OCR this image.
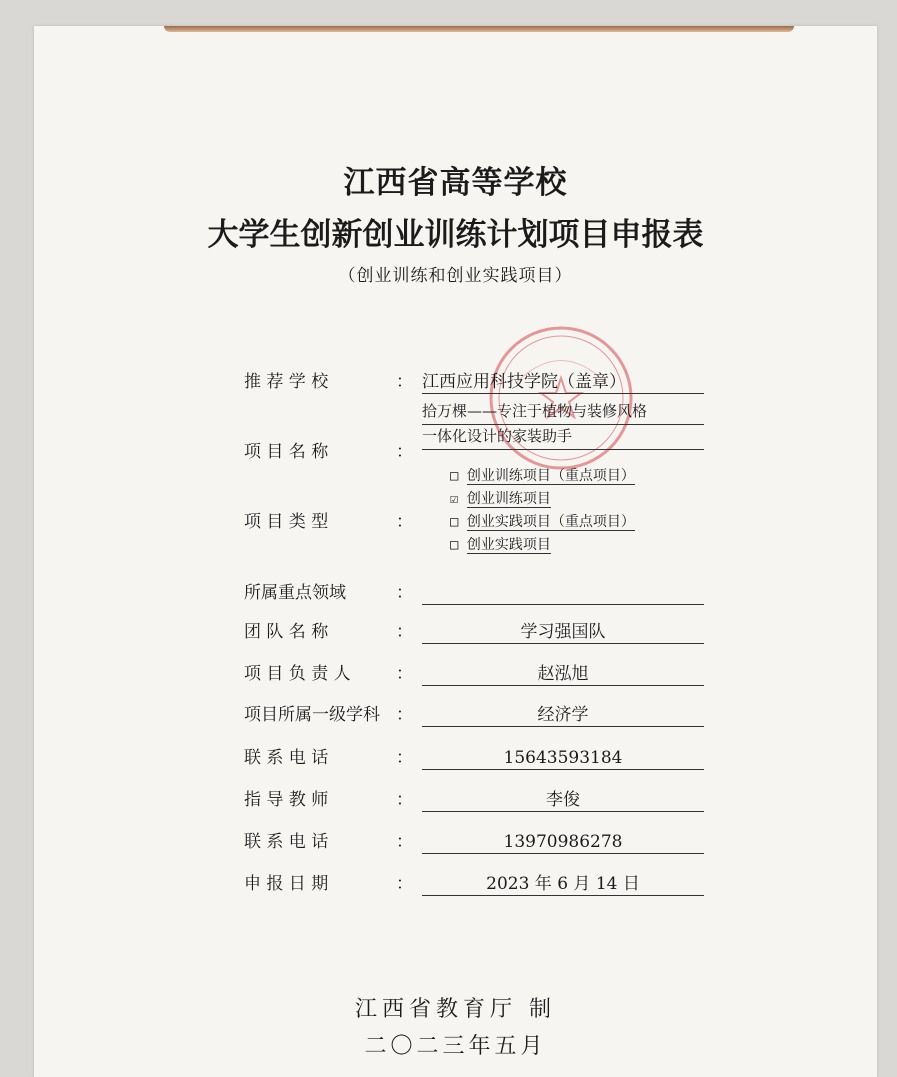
江西省高等学校
大学生创新创业训练计划项目申报表
（创业训练和创业实践项目）
推 荐 学 校	： 江西应用科技学院（盖章）
项 目 名 称	：
拾万棵——专注于植物与装修风格
一体化设计的家装助手
项 目 类 型	：
□ 创业训练项目（重点项目）
☑ 创业训练项目
□ 创业实践项目（重点项目）
□ 创业实践项目
所属重点领域	：
团 队 名 称	：	学习强国队
项 目 负 责 人	：	赵泓旭
项目所属一级学科 ：	经济学
联 系 电 话	：	15643593184
指 导 教 师	：	李俊
联 系 电 话	：	13970986278
申 报 日 期	：	2023 年 6 月 14 日
江西省教育厅 制
二〇二三年五月
